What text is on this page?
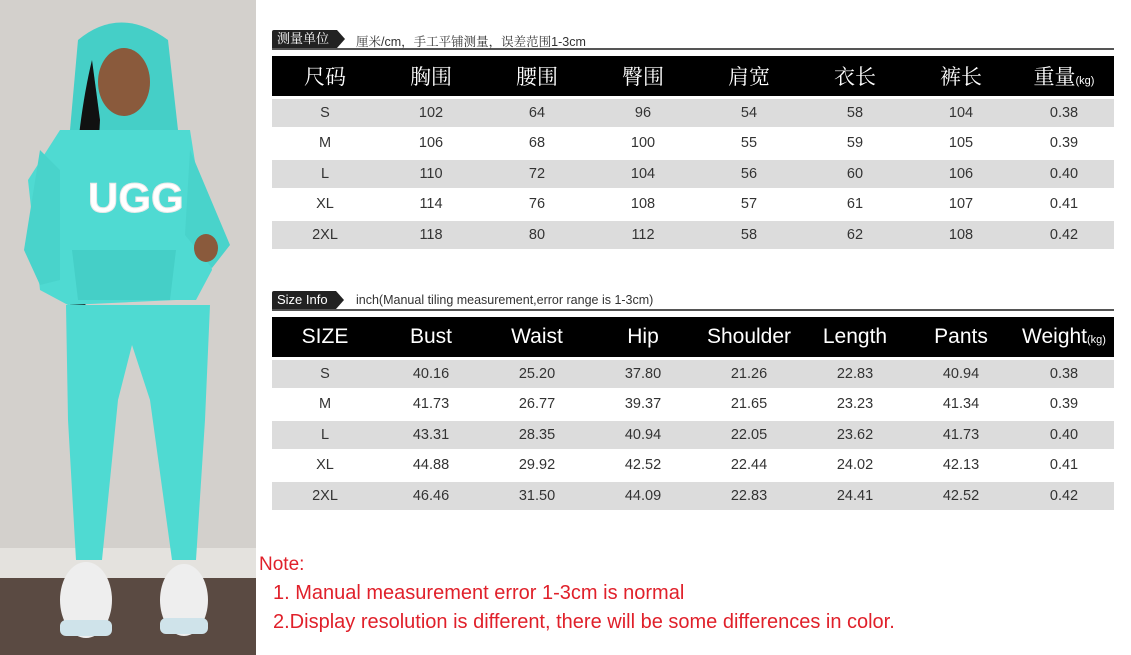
UGG
测量单位	厘米/cm，手工平铺测量，误差范围1-3cm
尺码	胸围	腰围	臀围	肩宽	衣长	裤长	重量(kg)
S	102	64	96	54	58	104	0.38
M	106	68	100	55	59	105	0.39
L	110	72	104	56	60	106	0.40
XL	114	76	108	57	61	107	0.41
2XL	118	80	112	58	62	108	0.42
Size Info	inch(Manual tiling measurement,error range is 1-3cm)
SIZE	Bust	Waist	Hip	Shoulder	Length	Pants	Weight(kg)
S	40.16	25.20	37.80	21.26	22.83	40.94	0.38
M	41.73	26.77	39.37	21.65	23.23	41.34	0.39
L	43.31	28.35	40.94	22.05	23.62	41.73	0.40
XL	44.88	29.92	42.52	22.44	24.02	42.13	0.41
2XL	46.46	31.50	44.09	22.83	24.41	42.52	0.42
Note:
1. Manual measurement error 1-3cm is normal
2.Display resolution is different, there will be some differences in color.
